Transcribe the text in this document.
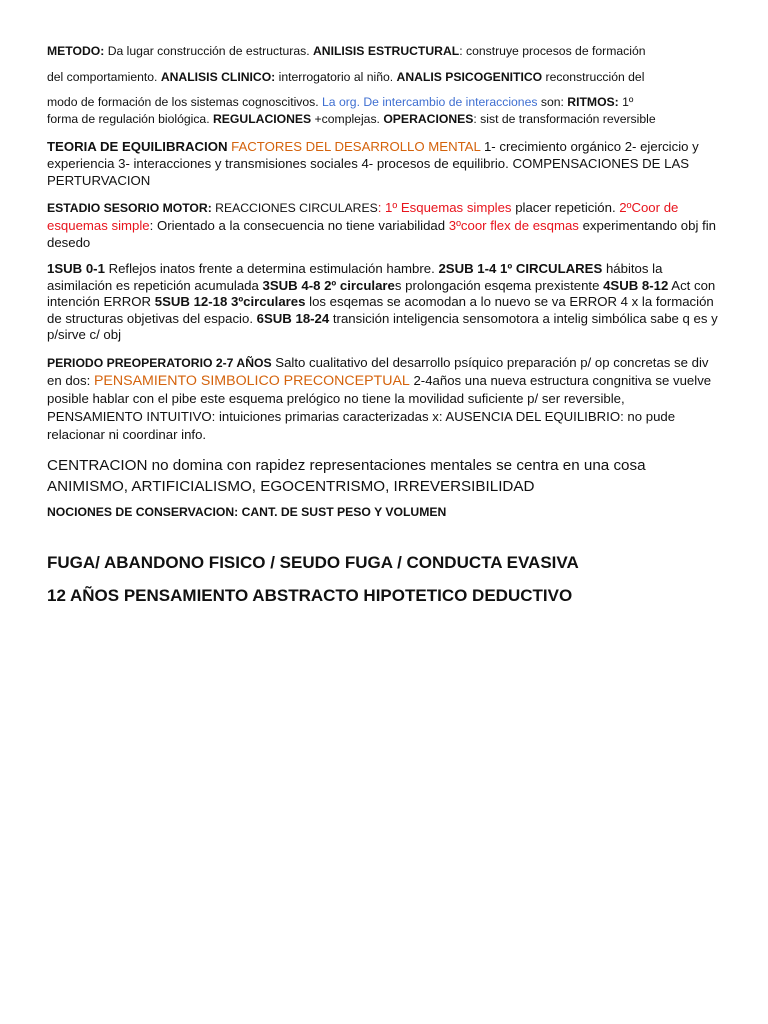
METODO: Da lugar construcción de estructuras. ANILISIS ESTRUCTURAL: construye procesos de formación

del comportamiento. ANALISIS CLINICO: interrogatorio al niño. ANALIS PSICOGENITICO reconstrucción del

modo de formación de los sistemas cognoscitivos. La org. De intercambio de interacciones son: RITMOS: 1º
forma de regulación biológica. REGULACIONES +complejas. OPERACIONES: sist de transformación reversible

TEORIA DE EQUILIBRACION FACTORES DEL DESARROLLO MENTAL 1- crecimiento orgánico 2- ejercicio y experiencia 3- interacciones y transmisiones sociales 4- procesos de equilibrio. COMPENSACIONES DE LAS PERTURVACION

ESTADIO SESORIO MOTOR: REACCIONES CIRCULARES: 1º Esquemas simples placer repetición. 2ºCoor de esquemas simple: Orientado a la consecuencia no tiene variabilidad 3ºcoor flex de esqmas experimentando obj fin desedo

1SUB 0-1 Reflejos inatos frente a determina estimulación hambre. 2SUB 1-4 1º CIRCULARES hábitos la asimilación es repetición acumulada 3SUB 4-8 2º circulares prolongación esqema prexistente 4SUB 8-12 Act con intención ERROR 5SUB 12-18 3ºcirculares los esqemas se acomodan a lo nuevo se va ERROR 4 x la formación de structuras objetivas del espacio. 6SUB 18-24 transición inteligencia sensomotora a intelig simbólica sabe q es y p/sirve c/ obj

PERIODO PREOPERATORIO 2-7 AÑOS Salto cualitativo del desarrollo psíquico preparación p/ op concretas se div en dos: PENSAMIENTO SIMBOLICO PRECONCEPTUAL 2-4años una nueva estructura congnitiva se vuelve posible hablar con el pibe este esquema prelógico no tiene la movilidad suficiente p/ ser reversible, PENSAMIENTO INTUITIVO: intuiciones primarias caracterizadas x: AUSENCIA DEL EQUILIBRIO: no pude relacionar ni coordinar info.

CENTRACION no domina con rapidez representaciones mentales se centra en una cosa
ANIMISMO, ARTIFICIALISMO, EGOCENTRISMO, IRREVERSIBILIDAD

NOCIONES DE CONSERVACION: CANT. DE SUST PESO Y VOLUMEN

FUGA/ ABANDONO FISICO / SEUDO FUGA / CONDUCTA EVASIVA

12 AÑOS PENSAMIENTO ABSTRACTO HIPOTETICO DEDUCTIVO
